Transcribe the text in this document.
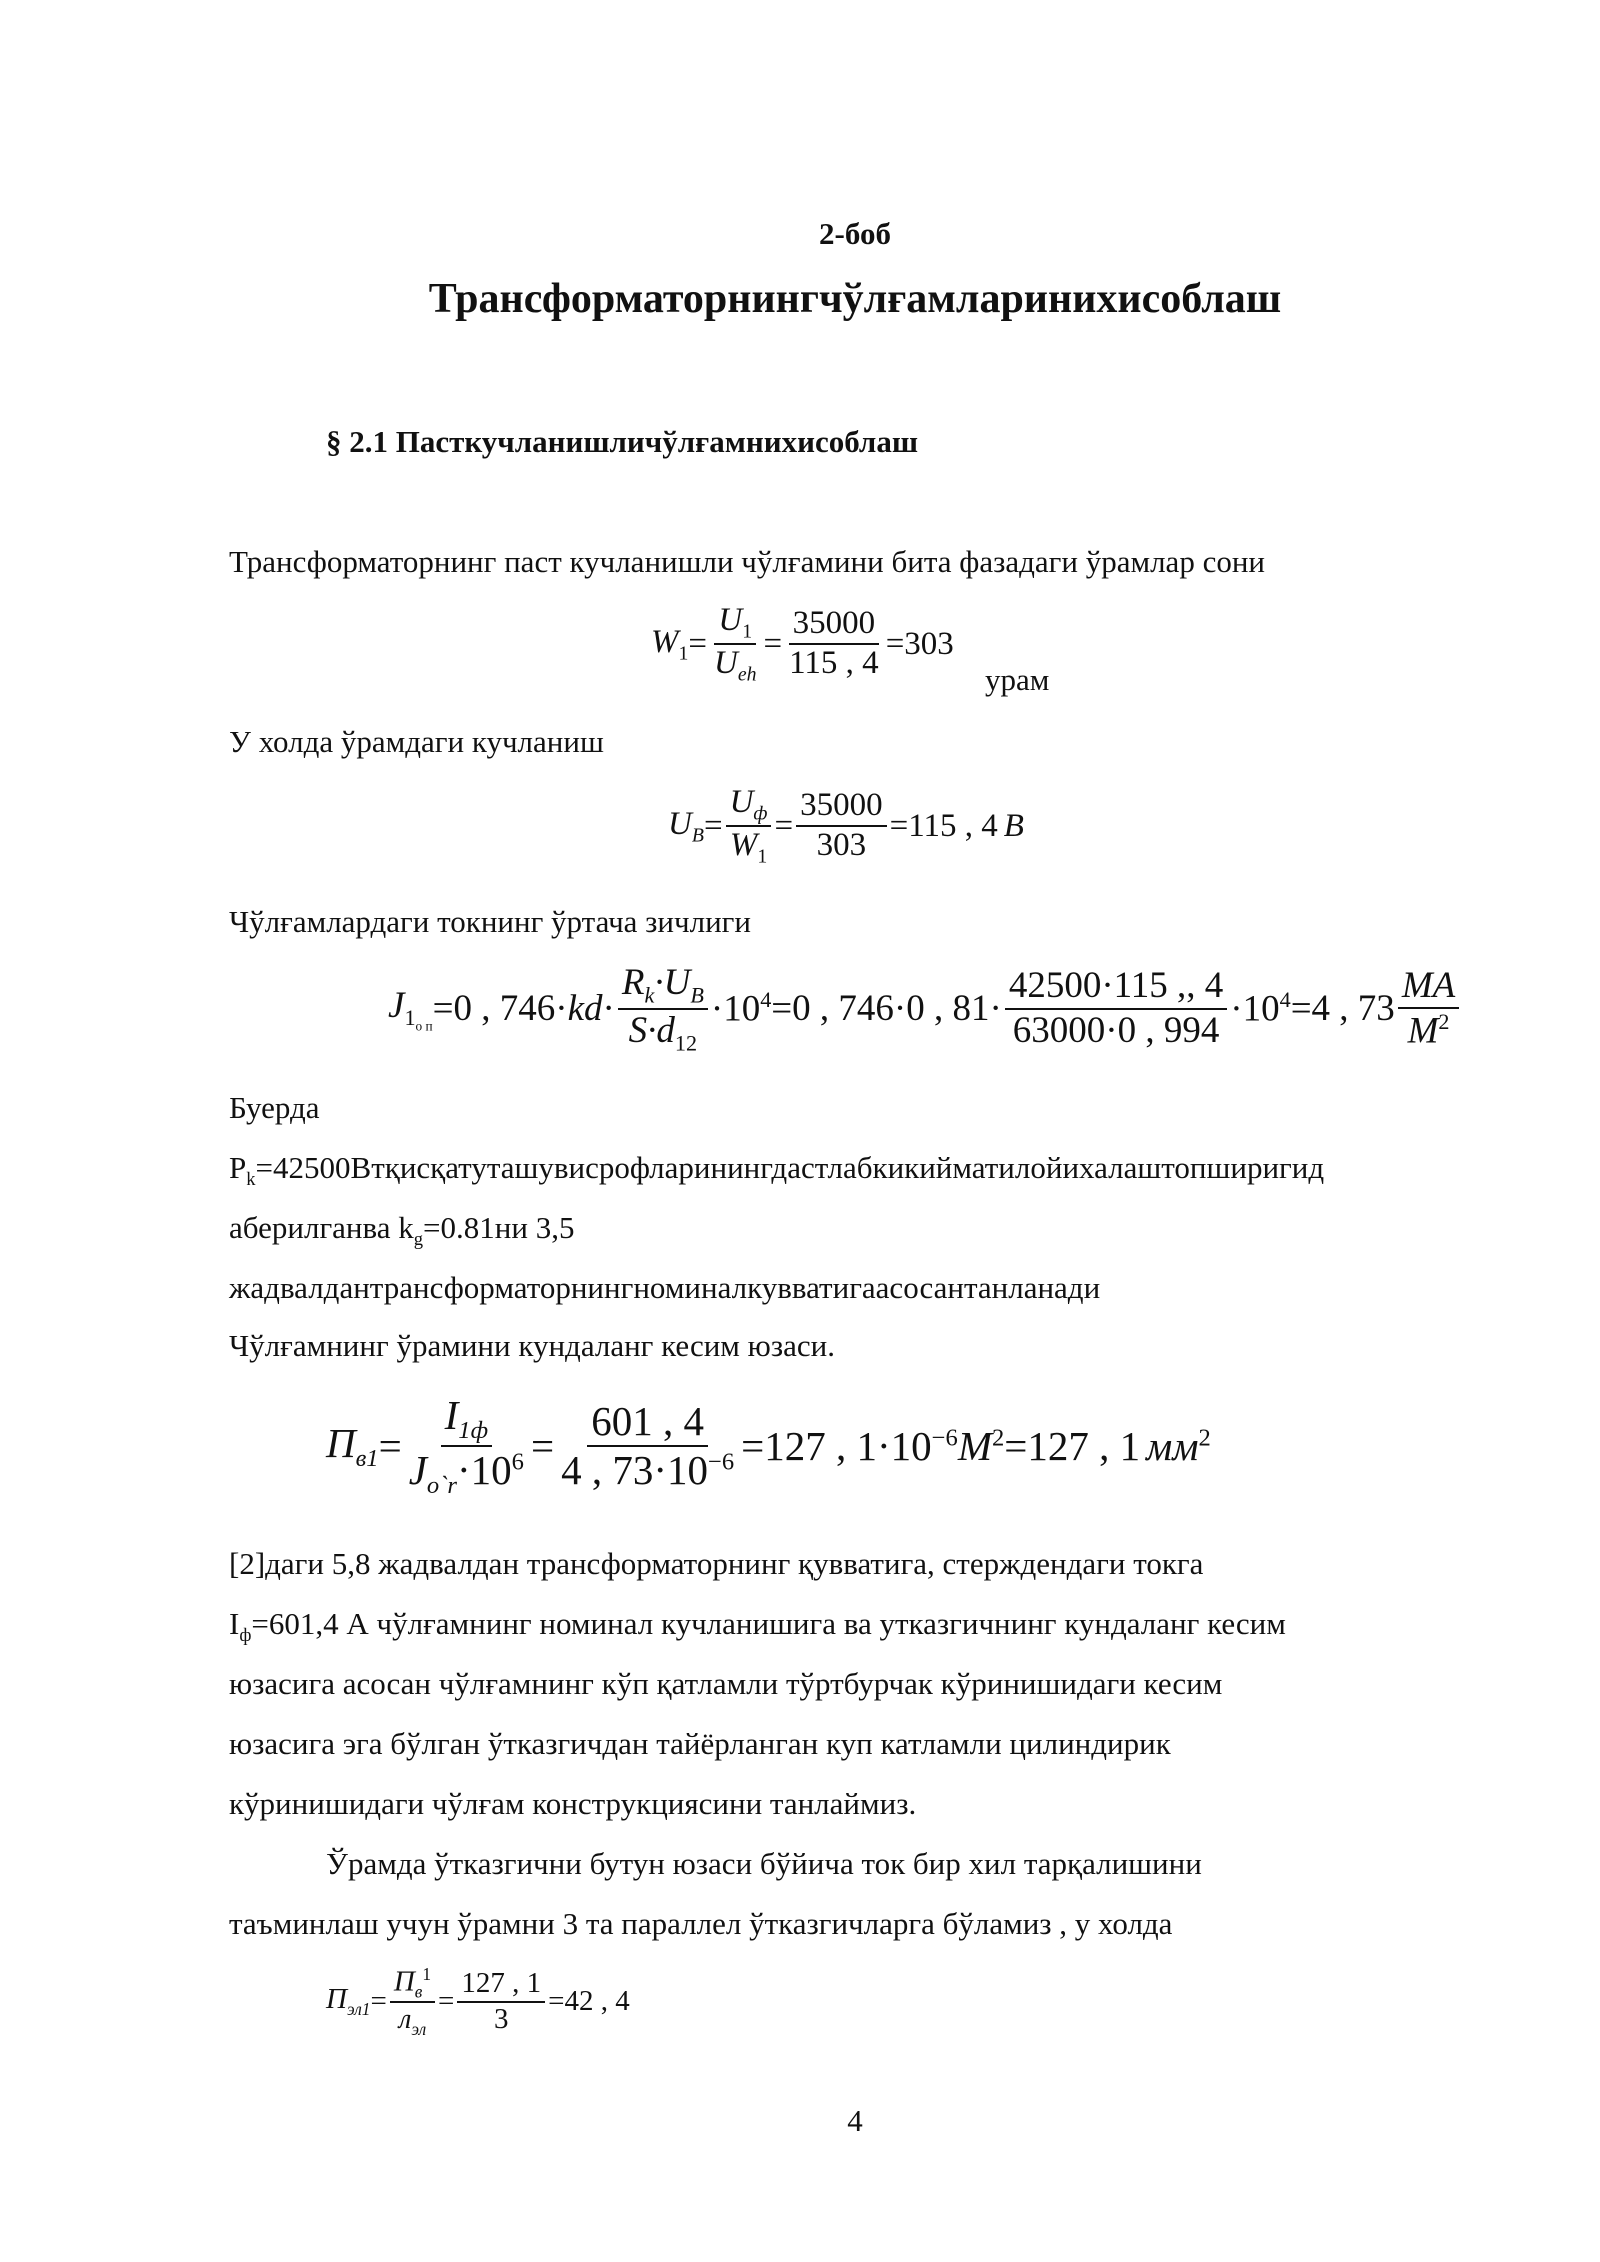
2-боб
Трансформаторнингчўлғамларинихисоблаш
§ 2.1 Пасткучланишличўлғамнихисоблаш
Трансформаторнинг паст кучланишли чўлғамини бита фазадаги ўрамлар сони
$W_1 = \frac{U_1}{U_{eh}} = \frac{35000}{115 , 4} =303$
урам
У холда ўрамдаги кучланиш
$U_B = \frac{U_ф}{W_1} = \frac{35000}{303} =115$ , 4 B
Чўлғамлардаги токнинг ўртача зичлиги
$J_{1_{о п}} =0$ , 746· kd · $\frac{R_k\cdot U_B}{S\cdot d_{12}} \cdot 10^4 =0$ , 746·0 , $81\cdot \frac{42500\cdot 115 ,, 4}{63000\cdot 0 , 994} \cdot 10^4 =4$ , $73 \frac{MA}{M^2}$
Буерда
$P_k=42500Втқисқатуташувисрофларинингдастлабкикийматилойихалаштопширигид$
аберилганва $k_g=0.81ни$ 3,5
жадвалдантрансформаторнингноминалкувватигаасосантанланади
Чўлғамнинг ўрамини кундаланг кесим юзаси.
$П_{в1} = \frac{I_{1ф}}{J_{o`r}\cdot 10^6} = \frac{601 , 4}{4 , 73\cdot 10^{-6}} =127$ , $1\cdot 10^{-6}$ $M^2 =127$ , 1 $мм^2$
[2]даги 5,8 жадвалдан трансформаторнинг қувватига, стерждендаги токга
$I_ф=601,4$ А чўлғамнинг номинал кучланишига ва утказгичнинг кундаланг кесим
юзасига асосан чўлғамнинг кўп қатламли тўртбурчак кўринишидаги кесим
юзасига эга бўлган ўтказгичдан тайёрланган куп катламли цилиндирик
кўринишидаги чўлғам конструкциясини танлаймиз.
Ўрамда ўтказгични бутун юзаси бўйича ток бир хил тарқалишини
таъминлаш учун ўрамни 3 та параллел ўтказгичларга бўламиз , у холда
$П_{эл1} = \frac{П_в^1}{л_{эл}} = \frac{127 , 1}{3} =42$ , 4
4
